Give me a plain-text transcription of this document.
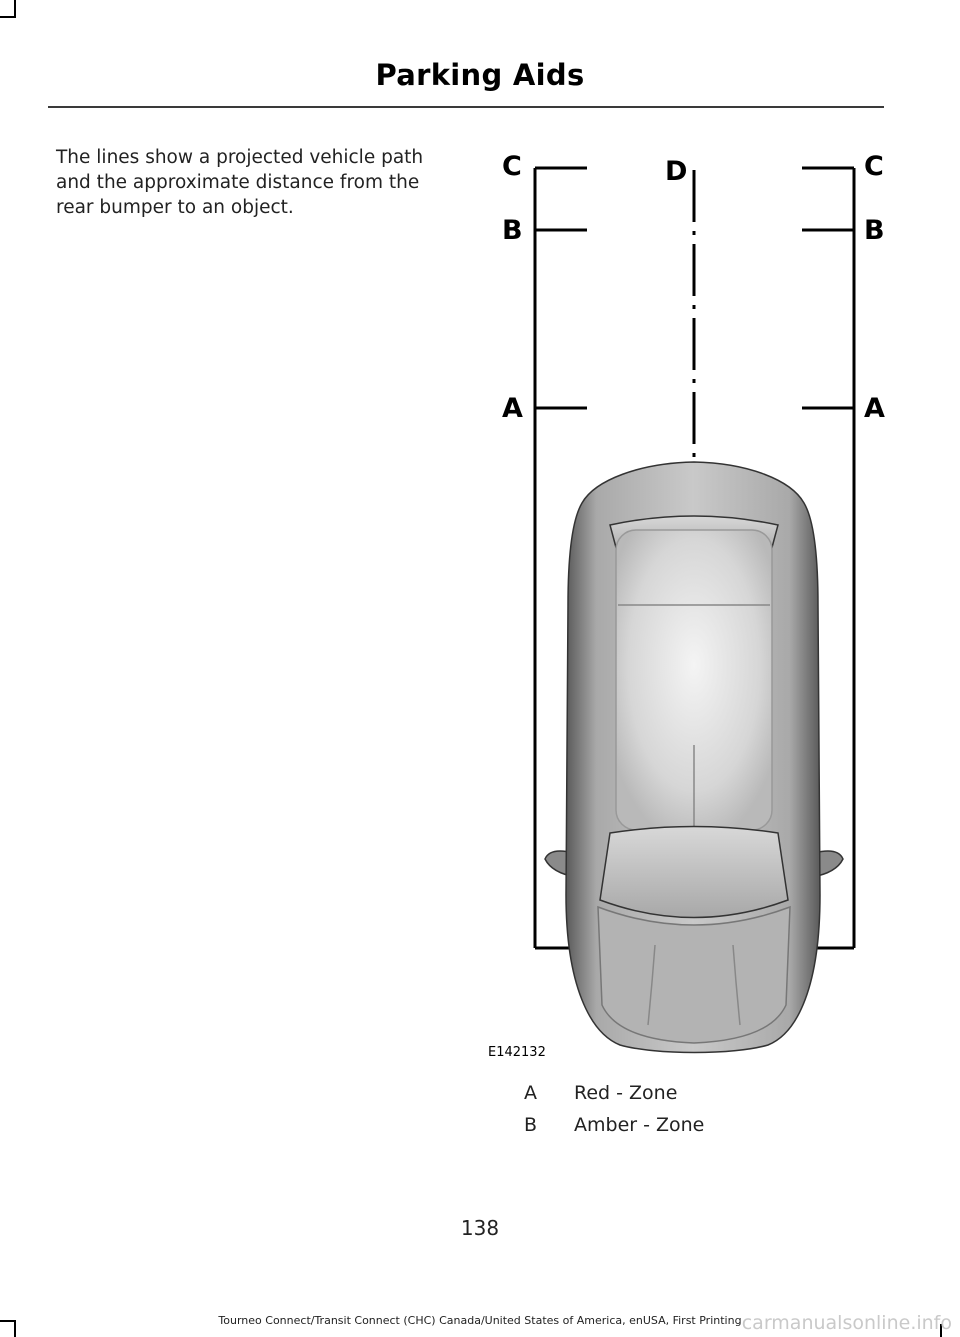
Parking Aids
The lines show a projected vehicle path and the approximate distance from the rear bumper to an object.
C	C
D
B	B
A	A
E142132
A Red - Zone
B Amber - Zone
138
Tourneo Connect/Transit Connect (CHC) Canada/United States of America, enUSA, First Printing carmanualsonline.info
